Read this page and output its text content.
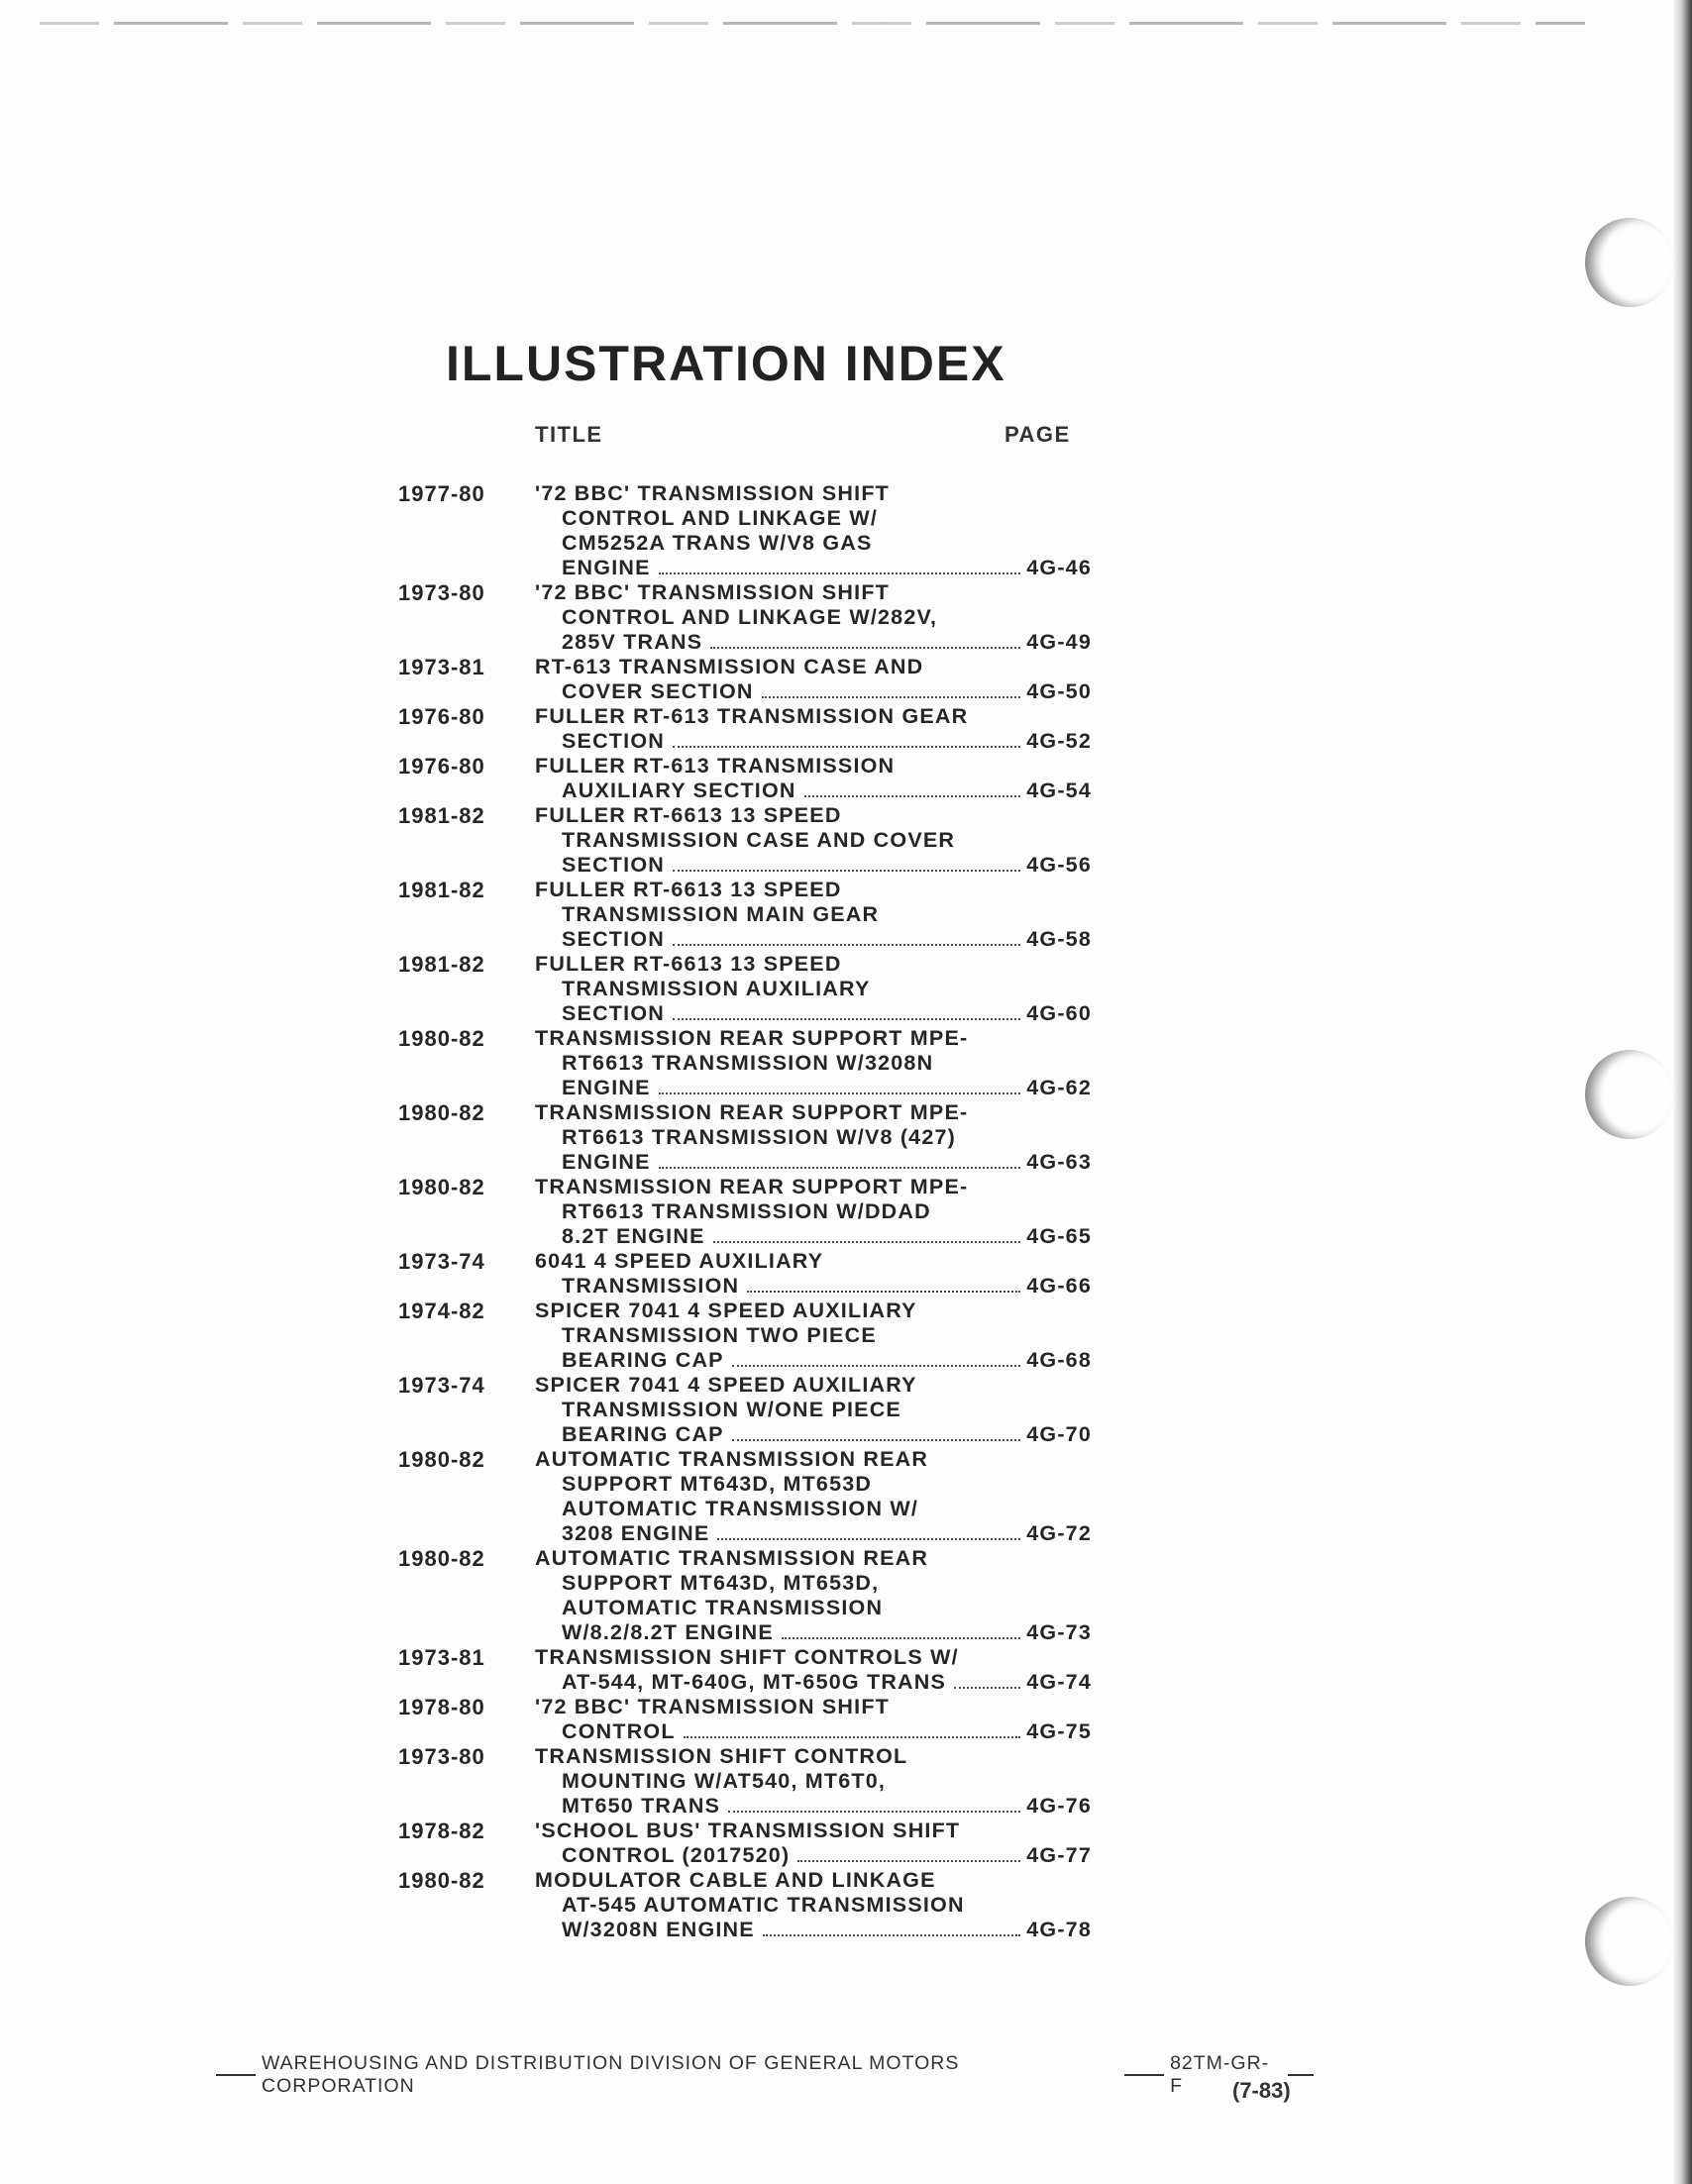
ILLUSTRATION INDEX
TITLE	PAGE
1977-80	'72 BBC' TRANSMISSION SHIFT
CONTROL AND LINKAGE W/
CM5252A TRANS W/V8 GAS
ENGINE	4G-46
1973-80	'72 BBC' TRANSMISSION SHIFT
CONTROL AND LINKAGE W/282V,
285V TRANS	4G-49
1973-81	RT-613 TRANSMISSION CASE AND
COVER SECTION	4G-50
1976-80	FULLER RT-613 TRANSMISSION GEAR
SECTION	4G-52
1976-80	FULLER RT-613 TRANSMISSION
AUXILIARY SECTION	4G-54
1981-82	FULLER RT-6613 13 SPEED
TRANSMISSION CASE AND COVER
SECTION	4G-56
1981-82	FULLER RT-6613 13 SPEED
TRANSMISSION MAIN GEAR
SECTION	4G-58
1981-82	FULLER RT-6613 13 SPEED
TRANSMISSION AUXILIARY
SECTION	4G-60
1980-82	TRANSMISSION REAR SUPPORT MPE-
RT6613 TRANSMISSION W/3208N
ENGINE	4G-62
1980-82	TRANSMISSION REAR SUPPORT MPE-
RT6613 TRANSMISSION W/V8 (427)
ENGINE	4G-63
1980-82	TRANSMISSION REAR SUPPORT MPE-
RT6613 TRANSMISSION W/DDAD
8.2T ENGINE	4G-65
1973-74	6041 4 SPEED AUXILIARY
TRANSMISSION	4G-66
1974-82	SPICER 7041 4 SPEED AUXILIARY
TRANSMISSION TWO PIECE
BEARING CAP	4G-68
1973-74	SPICER 7041 4 SPEED AUXILIARY
TRANSMISSION W/ONE PIECE
BEARING CAP	4G-70
1980-82	AUTOMATIC TRANSMISSION REAR
SUPPORT MT643D, MT653D
AUTOMATIC TRANSMISSION W/
3208 ENGINE	4G-72
1980-82	AUTOMATIC TRANSMISSION REAR
SUPPORT MT643D, MT653D,
AUTOMATIC TRANSMISSION
W/8.2/8.2T ENGINE	4G-73
1973-81	TRANSMISSION SHIFT CONTROLS W/
AT-544, MT-640G, MT-650G TRANS	4G-74
1978-80	'72 BBC' TRANSMISSION SHIFT
CONTROL	4G-75
1973-80	TRANSMISSION SHIFT CONTROL
MOUNTING W/AT540, MT6T0,
MT650 TRANS	4G-76
1978-82	'SCHOOL BUS' TRANSMISSION SHIFT
CONTROL (2017520)	4G-77
1980-82	MODULATOR CABLE AND LINKAGE
AT-545 AUTOMATIC TRANSMISSION
W/3208N ENGINE	4G-78
WAREHOUSING AND DISTRIBUTION DIVISION OF GENERAL MOTORS CORPORATION
82TM-GR-F	(7-83)
